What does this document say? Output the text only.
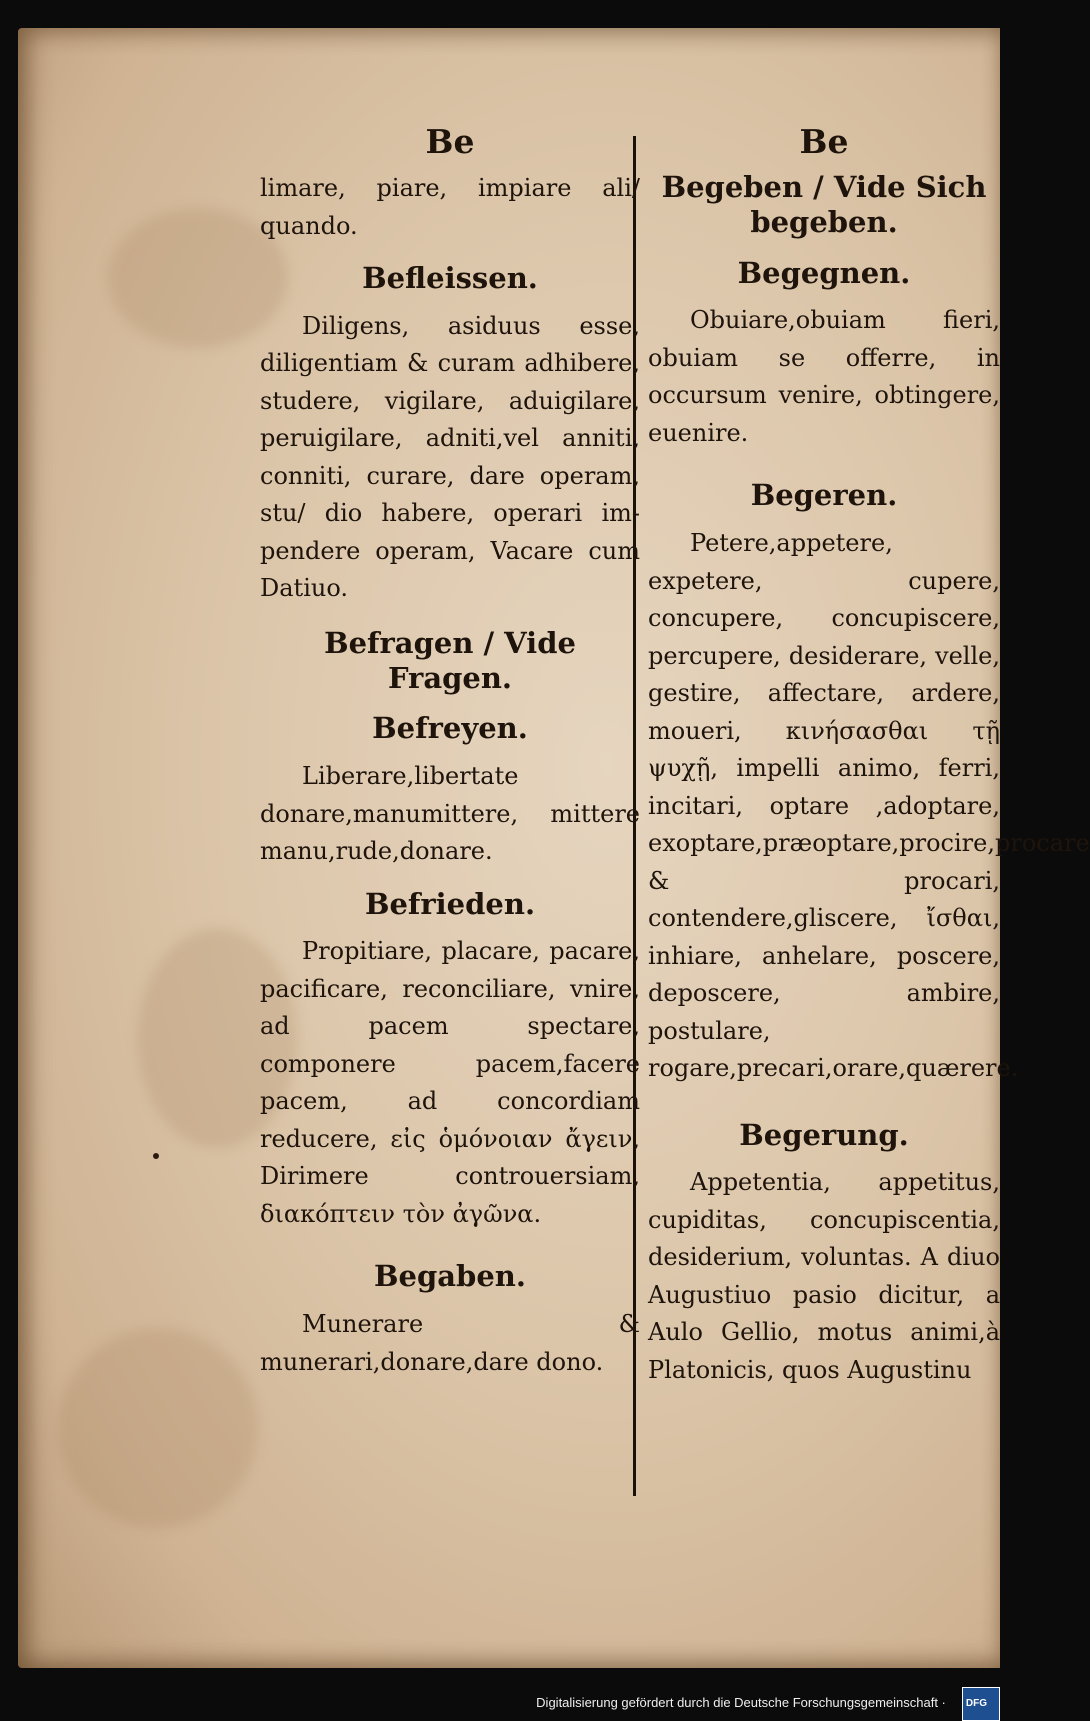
Be

limare, piare, impiare ali/ quando.

Befleissen.

Diligens, asiduus esse, diligentiam & curam adhibere, studere, vigilare, aduigilare, peruigilare, adniti,vel anniti, conniti, curare, dare operam, stu/ dio habere, operari im- pendere operam, Vacare cum Datiuo.

Befragen / Vide Fragen.
Befreyen.

Liberare,libertate donare,manumittere, mittere manu,rude,donare.

Befrieden.

Propitiare, placare, pacare, pacificare, reconciliare, vnire, ad pacem spectare, componere pacem,facere pacem, ad concordiam reducere, εἰς ὁμόνοιαν ἄγειν, Dirimere controuersiam, διακόπτειν τὸν ἀγῶνα.

Begaben.

Munerare & munerari,donare,dare dono.

Be
Begeben / Vide Sich begeben.
Begegnen.

Obuiare,obuiam fieri, obuiam se offerre, in occursum venire, obtingere, euenire.

Begeren.

Petere,appetere, expetere, cupere, concupere, concupiscere, percupere, desiderare, velle, gestire, affectare, ardere, moueri, κινήσασθαι τῇ ψυχῇ, impelli animo, ferri, incitari, optare ,adoptare, exoptare,præoptare,procire,procare & procari, contendere,gliscere, ἴσθαι, inhiare, anhelare, poscere, deposcere, ambire, postulare, rogare,precari,orare,quærere.

Begerung.

Appetentia, appetitus, cupiditas, concupiscentia, desiderium, voluntas. A diuo Augustiuo pasio dicitur, a Aulo Gellio, motus animi,à Platonicis, quos Augustinu

Digitalisierung gefördert durch die Deutsche Forschungsgemeinschaft · DFG
